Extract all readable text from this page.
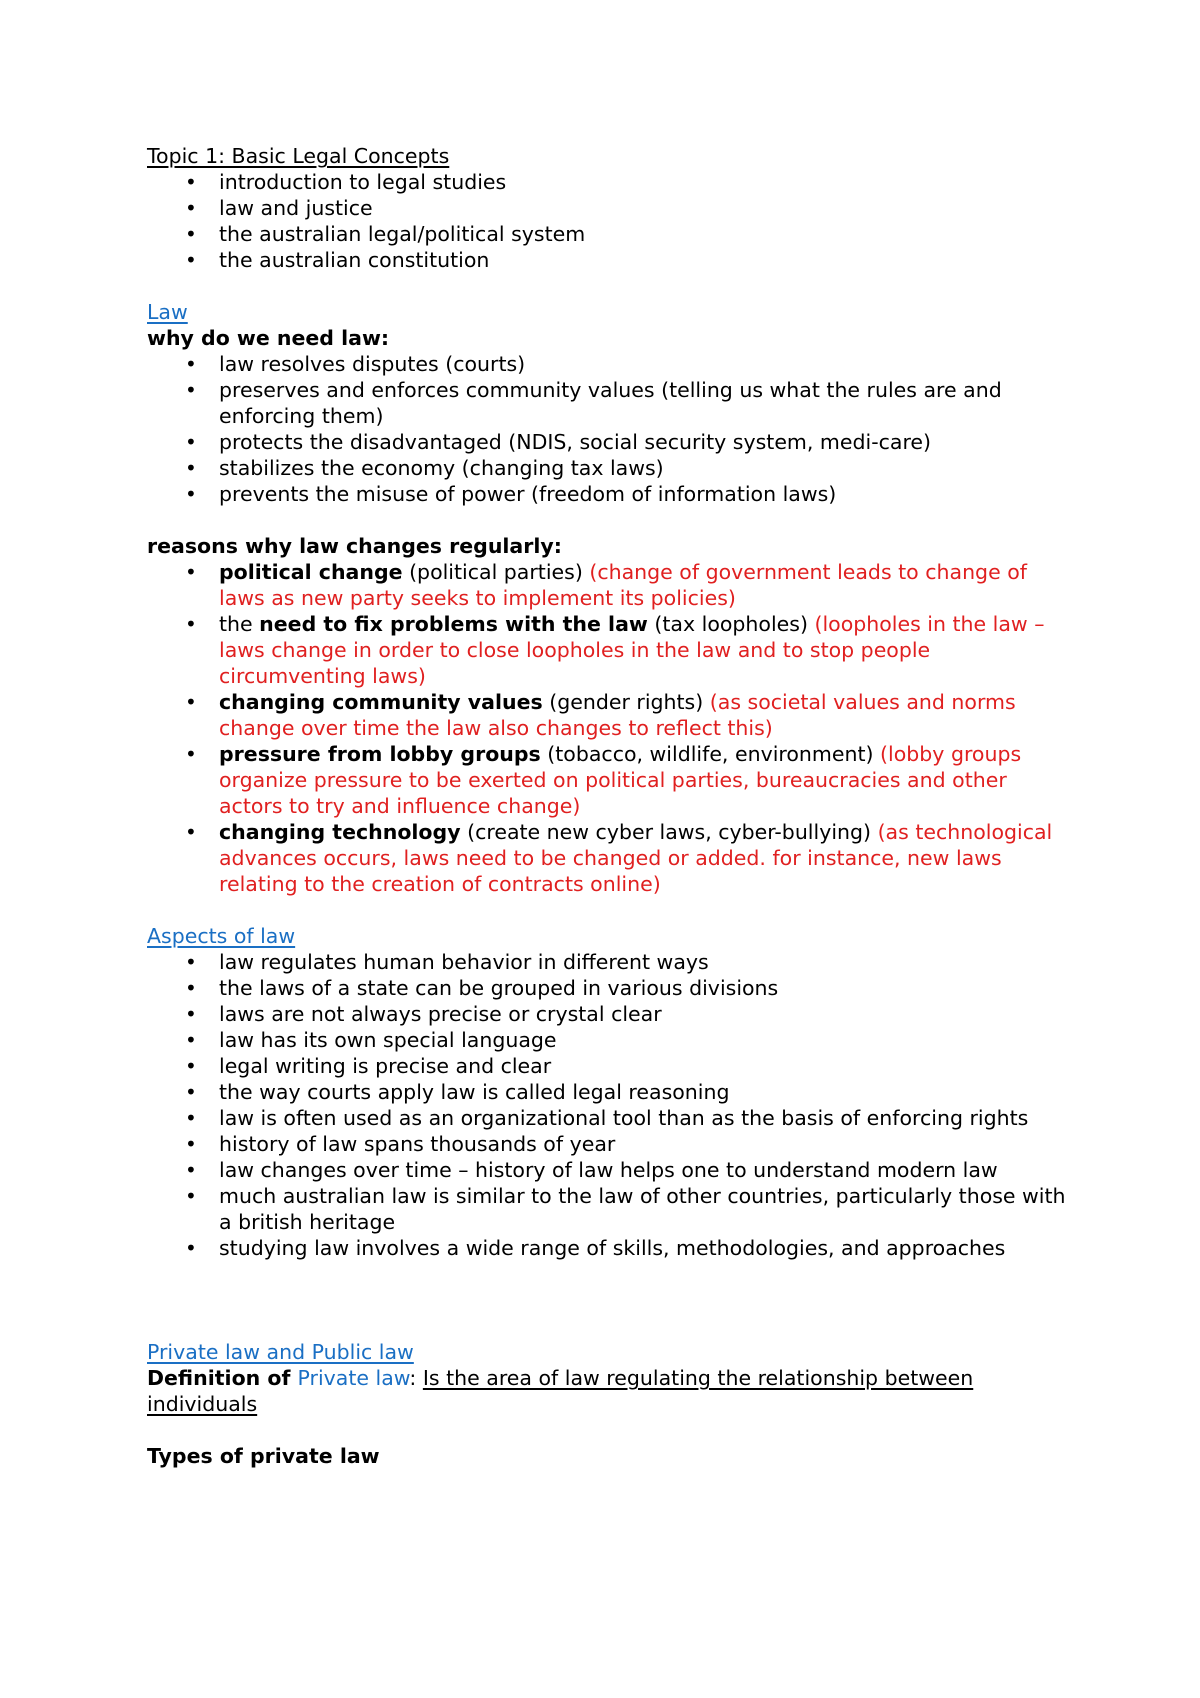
Topic 1: Basic Legal Concepts
• introduction to legal studies
• law and justice
• the australian legal/political system
• the australian constitution
Law
why do we need law:
• law resolves disputes (courts)
• preserves and enforces community values (telling us what the rules are and enforcing them)
• protects the disadvantaged (NDIS, social security system, medi-care)
• stabilizes the economy (changing tax laws)
• prevents the misuse of power (freedom of information laws)
reasons why law changes regularly:
• political change (political parties) (change of government leads to change of laws as new party seeks to implement its policies)
• the need to fix problems with the law (tax loopholes) (loopholes in the law – laws change in order to close loopholes in the law and to stop people circumventing laws)
• changing community values (gender rights) (as societal values and norms change over time the law also changes to reflect this)
• pressure from lobby groups (tobacco, wildlife, environment) (lobby groups organize pressure to be exerted on political parties, bureaucracies and other actors to try and influence change)
• changing technology (create new cyber laws, cyber-bullying) (as technological advances occurs, laws need to be changed or added. for instance, new laws relating to the creation of contracts online)
Aspects of law
• law regulates human behavior in different ways
• the laws of a state can be grouped in various divisions
• laws are not always precise or crystal clear
• law has its own special language
• legal writing is precise and clear
• the way courts apply law is called legal reasoning
• law is often used as an organizational tool than as the basis of enforcing rights
• history of law spans thousands of year
• law changes over time – history of law helps one to understand modern law
• much australian law is similar to the law of other countries, particularly those with a british heritage
• studying law involves a wide range of skills, methodologies, and approaches
Private law and Public law
Definition of Private law: Is the area of law regulating the relationship between individuals
Types of private law
